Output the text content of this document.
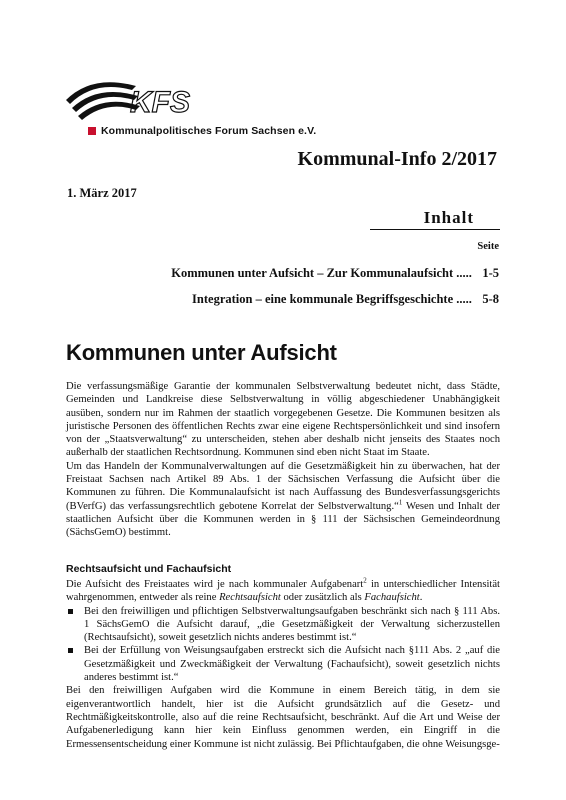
KFS
Kommunalpolitisches Forum Sachsen e.V.
Kommunal-Info 2/2017
1. März 2017
Inhalt
Seite
Kommunen unter Aufsicht – Zur Kommunalaufsicht ..... 1-5
Integration – eine kommunale Begriffsgeschichte ..... 5-8
Kommunen unter Aufsicht

Die verfassungsmäßige Garantie der kommunalen Selbstverwaltung bedeutet nicht, dass Städte, Gemeinden und Landkreise diese Selbstverwaltung in völlig abgeschiedener Unabhängigkeit ausüben, sondern nur im Rahmen der staatlich vorgegebenen Gesetze. Die Kommunen besitzen als juristische Personen des öffentlichen Rechts zwar eine eigene Rechtspersönlichkeit und sind insofern von der „Staatsverwaltung“ zu unterscheiden, stehen aber deshalb nicht jenseits des Staates noch außerhalb der staatlichen Rechtsordnung. Kommunen sind eben nicht Staat im Staate.

Um das Handeln der Kommunalverwaltungen auf die Gesetzmäßigkeit hin zu überwachen, hat der Freistaat Sachsen nach Artikel 89 Abs. 1 der Sächsischen Verfassung die Aufsicht über die Kommunen zu führen. Die Kommunalaufsicht ist nach Auffassung des Bundesverfassungsgerichts (BVerfG) das verfassungsrechtlich gebotene Korrelat der Selbstverwaltung.“$^1$ Wesen und Inhalt der staatlichen Aufsicht über die Kommunen werden in § 111 der Sächsischen Gemeindeordnung (SächsGemO) bestimmt.

Rechtsaufsicht und Fachaufsicht

Die Aufsicht des Freistaates wird je nach kommunaler Aufgabenart$^2$ in unterschiedlicher Intensität wahrgenommen, entweder als reine Rechtsaufsicht oder zusätzlich als Fachaufsicht.

Bei den freiwilligen und pflichtigen Selbstverwaltungsaufgaben beschränkt sich nach § 111 Abs. 1 SächsGemO die Aufsicht darauf, „die Gesetzmäßigkeit der Verwaltung sicherzustellen (Rechtsaufsicht), soweit gesetzlich nichts anderes bestimmt ist.“
Bei der Erfüllung von Weisungsaufgaben erstreckt sich die Aufsicht nach §111 Abs. 2 „auf die Gesetzmäßigkeit und Zweckmäßigkeit der Verwaltung (Fachaufsicht), soweit gesetzlich nichts anderes bestimmt ist.“

Bei den freiwilligen Aufgaben wird die Kommune in einem Bereich tätig, in dem sie eigenverantwortlich handelt, hier ist die Aufsicht grundsätzlich auf die Gesetz- und Rechtmäßigkeitskontrolle, also auf die reine Rechtsaufsicht, beschränkt. Auf die Art und Weise der Aufgabenerledigung kann hier kein Einfluss genommen werden, ein Eingriff in die Ermessensentscheidung einer Kommune ist nicht zulässig. Bei Pflichtaufgaben, die ohne Weisungsge-
